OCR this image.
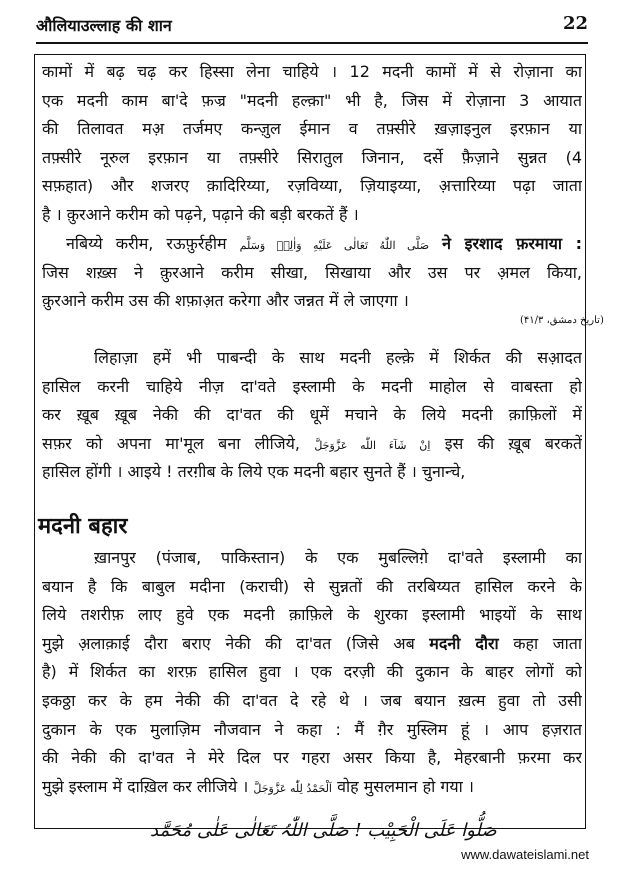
औलियाउल्लाह की शान	22
कामों में बढ़ चढ़ कर हिस्सा लेना चाहिये । 12 मदनी कामों में से रोज़ाना का
एक मदनी काम बा'दे फ़ज्र "मदनी हल्क़ा" भी है, जिस में रोज़ाना 3 आयात
की तिलावत मअ़ तर्जमए कन्ज़ुल ईमान व तफ़्सीरे ख़ज़ाइनुल इरफ़ान या
तफ़्सीरे नूरुल इरफ़ान या तफ़्सीरे सिरातुल जिनान, दर्से फ़ैज़ाने सुन्नत (4
सफ़हात) और शजरए क़ादिरिय्या, रज़विय्या, ज़ियाइय्या, अ़त्तारिय्या पढ़ा जाता
है । क़ुरआने करीम को पढ़ने, पढ़ाने की बड़ी बरकतें हैं ।
नबिय्ये करीम, रऊफ़ुर्रहीम صَلَّى اللّٰهُ تَعَالٰی عَلَيْهِ وَاٰلِهٖ وَسَلَّم ने इरशाद फ़रमाया :
जिस शख़्स ने क़ुरआने करीम सीखा, सिखाया और उस पर अ़मल किया,
क़ुरआने करीम उस की शफ़ाअ़त करेगा और जन्नत में ले जाएगा ।
(تاریخ دمشق، ۴۱/۳)
लिहाज़ा हमें भी पाबन्दी के साथ मदनी हल्के़ में शिर्कत की सआ़दत
हासिल करनी चाहिये नीज़ दा'वते इस्लामी के मदनी माहोल से वाबस्ता हो
कर ख़ूब ख़ूब नेकी की दा'वत की धूमें मचाने के लिये मदनी क़ाफ़िलों में
सफ़र को अपना मा'मूल बना लीजिये, اِنْ شَآءَ اللّٰه عَزَّوَجَلَّ इस की ख़ूब बरकतें
हासिल होंगी । आइये ! तरग़ीब के लिये एक मदनी बहार सुनते हैं । चुनान्चे,
मदनी बहार
ख़ानपुर (पंजाब, पाकिस्तान) के एक मुबल्लिग़े दा'वते इस्लामी का
बयान है कि बाबुल मदीना (कराची) से सुन्नतों की तरबिय्यत हासिल करने के
लिये तशरीफ़ लाए हुवे एक मदनी क़ाफ़िले के शुरका इस्लामी भाइयों के साथ
मुझे अ़लाक़ाई दौरा बराए नेकी की दा'वत (जिसे अब मदनी दौरा कहा जाता
है) में शिर्कत का शरफ़ हासिल हुवा । एक दरज़ी की दुकान के बाहर लोगों को
इकठ्ठा कर के हम नेकी की दा'वत दे रहे थे । जब बयान ख़त्म हुवा तो उसी
दुकान के एक मुलाज़िम नौजवान ने कहा : मैं ग़ैर मुस्लिम हूं । आप हज़रात
की नेकी की दा'वत ने मेरे दिल पर गहरा असर किया है, मेहरबानी फ़रमा कर
मुझे इस्लाम में दाख़िल कर लीजिये । اَلْحَمْدُ لِلّٰه عَزَّوَجَلَّ वोह मुसलमान हो गया ।
صَلُّوا عَلَی الْحَبِیْب ! صَلَّی اللّٰہُ تَعَالٰی عَلٰی مُحَمَّد
www.dawateislami.net
